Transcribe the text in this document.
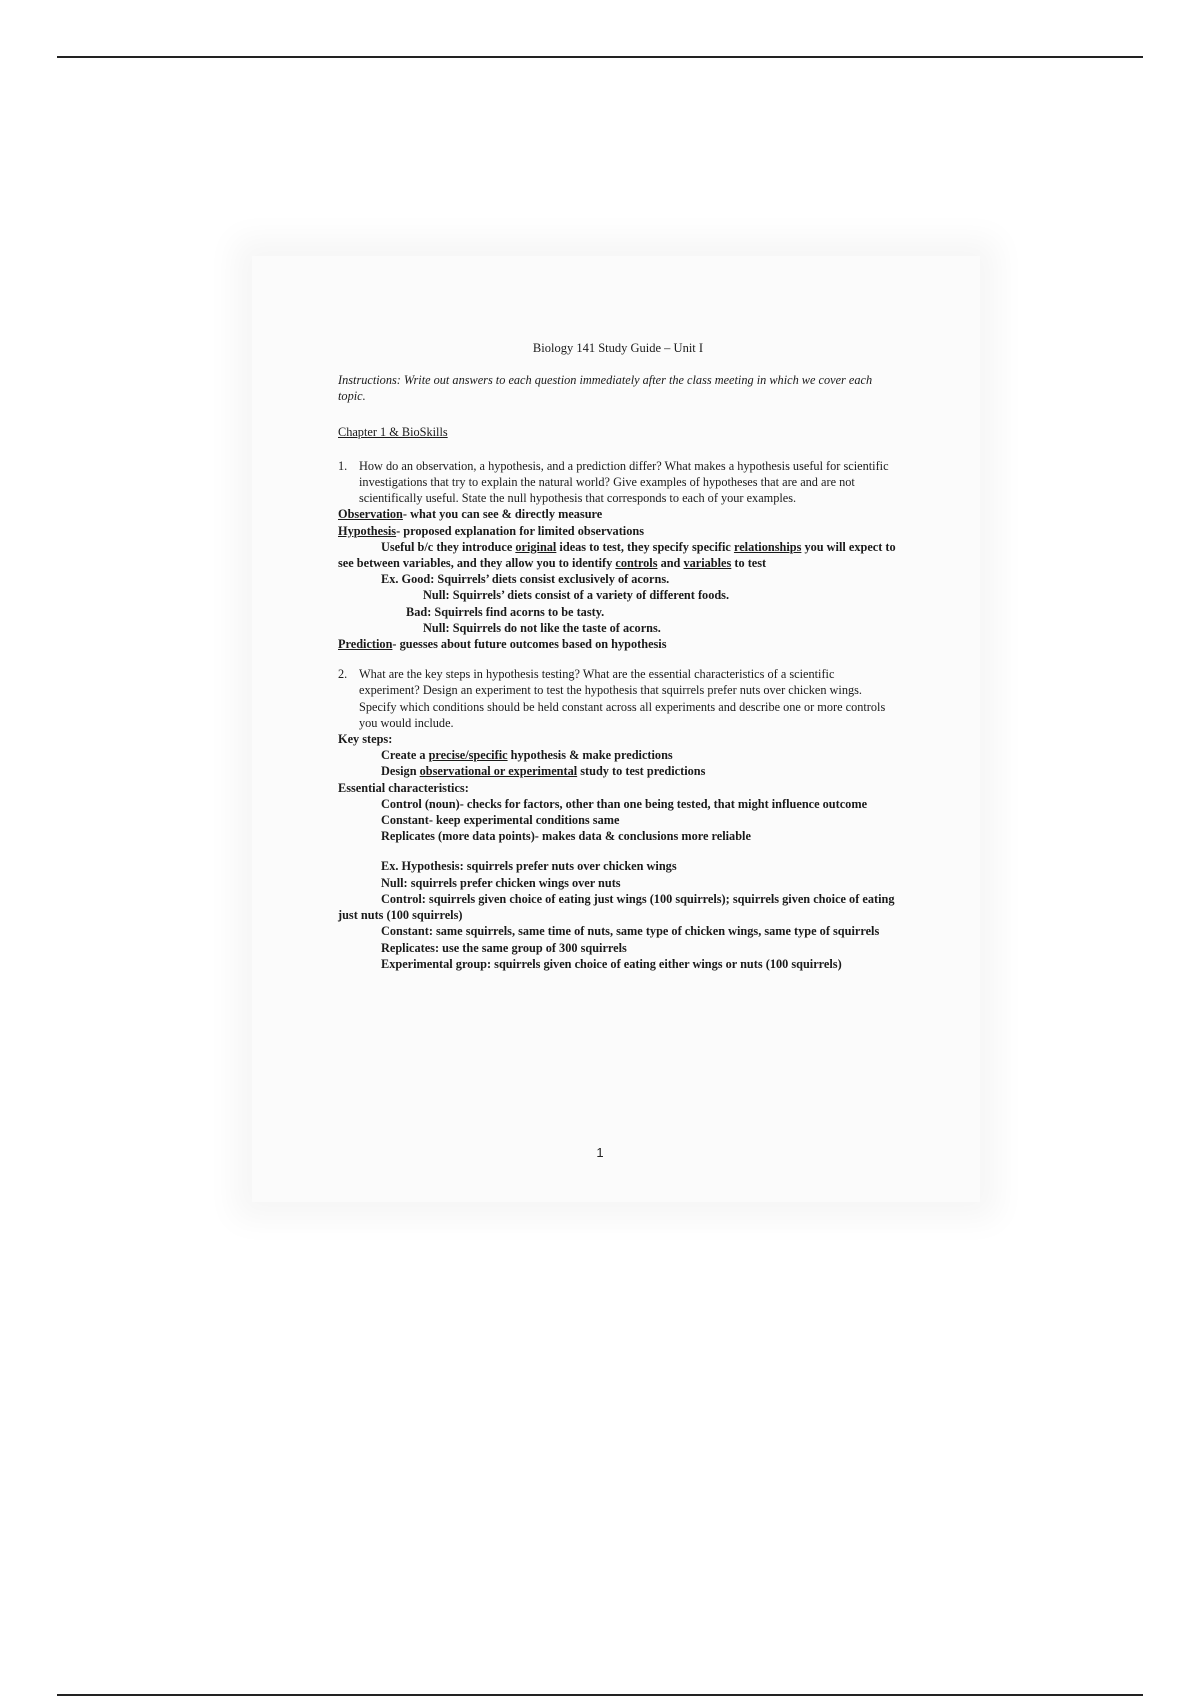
Biology 141 Study Guide – Unit I

Instructions: Write out answers to each question immediately after the class meeting in which we cover each topic.

Chapter 1 & BioSkills

1. How do an observation, a hypothesis, and a prediction differ? What makes a hypothesis useful for scientific investigations that try to explain the natural world? Give examples of hypotheses that are and are not scientifically useful. State the null hypothesis that corresponds to each of your examples.

Observation- what you can see & directly measure

Hypothesis- proposed explanation for limited observations

Useful b/c they introduce original ideas to test, they specify specific relationships you will expect to see between variables, and they allow you to identify controls and variables to test

Ex. Good: Squirrels’ diets consist exclusively of acorns.

Null: Squirrels’ diets consist of a variety of different foods.

Bad: Squirrels find acorns to be tasty.

Null: Squirrels do not like the taste of acorns.

Prediction- guesses about future outcomes based on hypothesis

2. What are the key steps in hypothesis testing? What are the essential characteristics of a scientific experiment? Design an experiment to test the hypothesis that squirrels prefer nuts over chicken wings. Specify which conditions should be held constant across all experiments and describe one or more controls you would include.

Key steps:

Create a precise/specific hypothesis & make predictions

Design observational or experimental study to test predictions

Essential characteristics:

Control (noun)- checks for factors, other than one being tested, that might influence outcome

Constant- keep experimental conditions same

Replicates (more data points)- makes data & conclusions more reliable

Ex. Hypothesis: squirrels prefer nuts over chicken wings

Null: squirrels prefer chicken wings over nuts

Control: squirrels given choice of eating just wings (100 squirrels); squirrels given choice of eating just nuts (100 squirrels)

Constant: same squirrels, same time of nuts, same type of chicken wings, same type of squirrels

Replicates: use the same group of 300 squirrels

Experimental group: squirrels given choice of eating either wings or nuts (100 squirrels)

1
